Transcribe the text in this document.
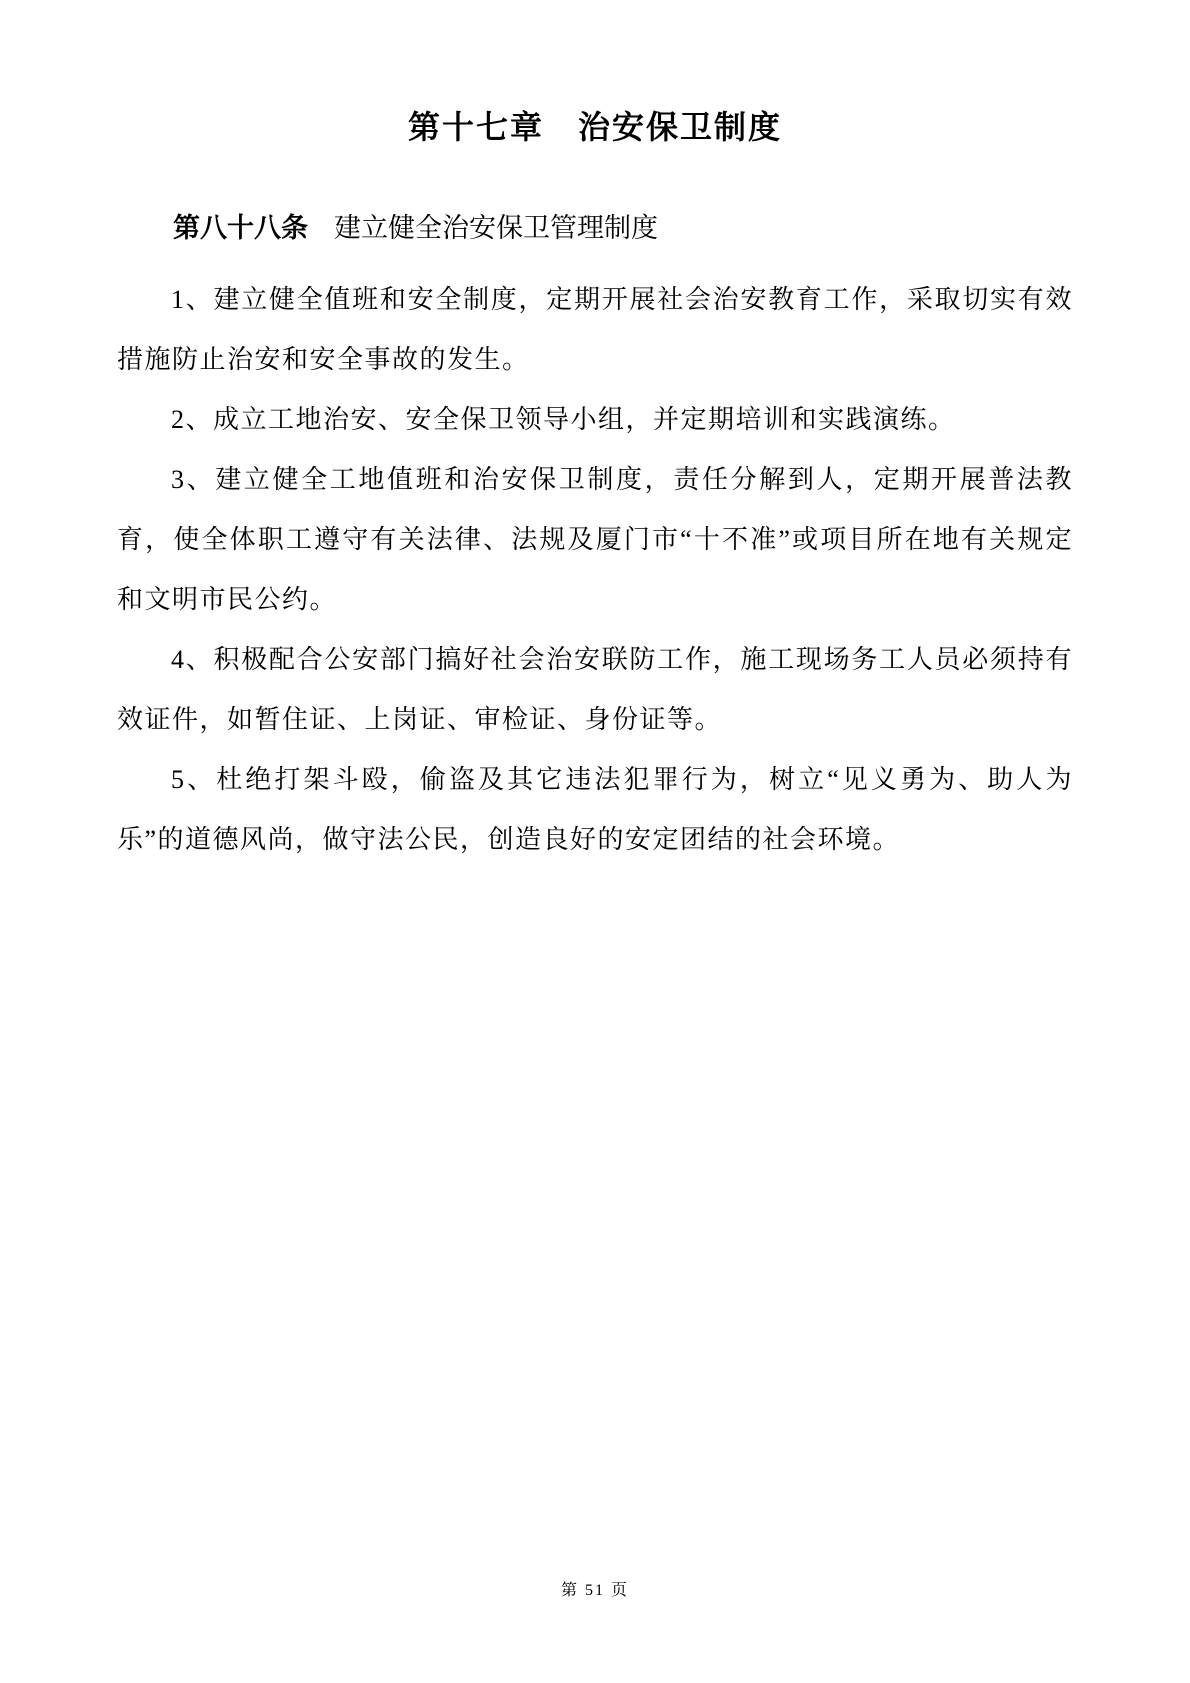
第十七章　治安保卫制度

第八十八条 建立健全治安保卫管理制度

1、建立健全值班和安全制度，定期开展社会治安教育工作，采取切实有效措施防止治安和安全事故的发生。

2、成立工地治安、安全保卫领导小组，并定期培训和实践演练。

3、建立健全工地值班和治安保卫制度，责任分解到人，定期开展普法教育，使全体职工遵守有关法律、法规及厦门市“十不准”或项目所在地有关规定和文明市民公约。

4、积极配合公安部门搞好社会治安联防工作，施工现场务工人员必须持有效证件，如暂住证、上岗证、审检证、身份证等。

5、杜绝打架斗殴，偷盗及其它违法犯罪行为，树立“见义勇为、助人为乐”的道德风尚，做守法公民，创造良好的安定团结的社会环境。

第 51 页
